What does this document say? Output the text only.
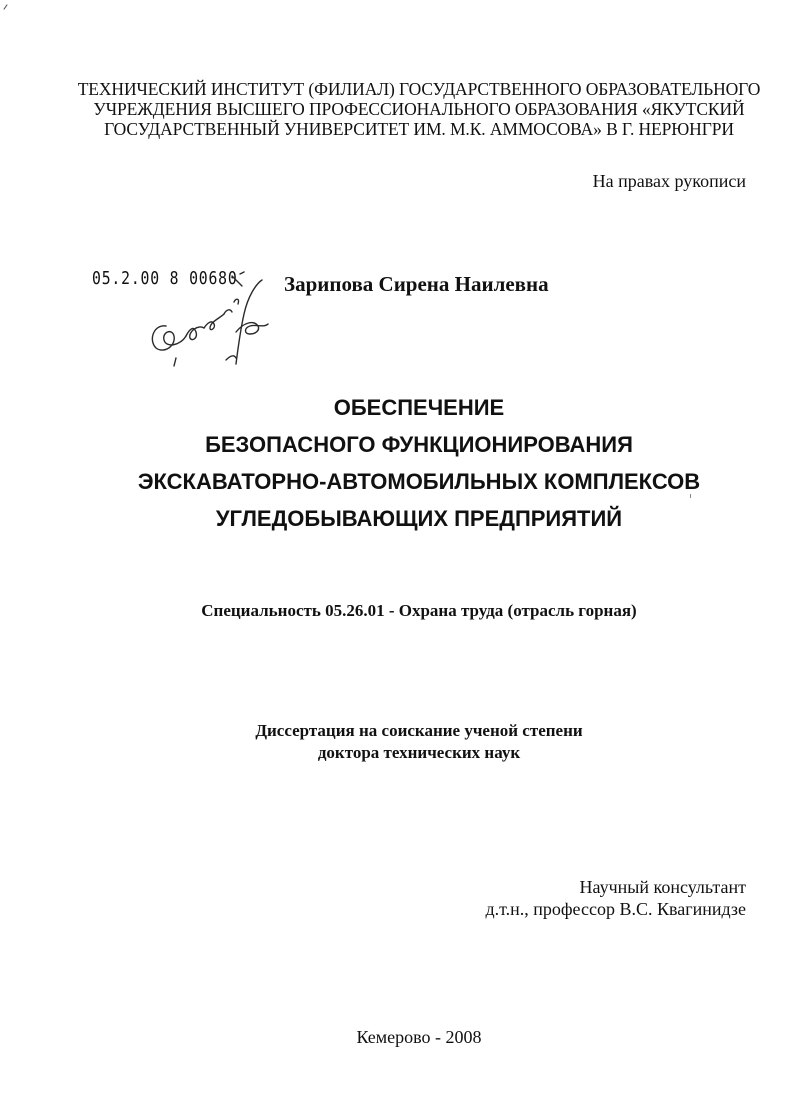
ТЕХНИЧЕСКИЙ ИНСТИТУТ (ФИЛИАЛ) ГОСУДАРСТВЕННОГО ОБРАЗОВАТЕЛЬНОГО
УЧРЕЖДЕНИЯ ВЫСШЕГО ПРОФЕССИОНАЛЬНОГО ОБРАЗОВАНИЯ «ЯКУТСКИЙ
ГОСУДАРСТВЕННЫЙ УНИВЕРСИТЕТ ИМ. М.К. АММОСОВА» В Г. НЕРЮНГРИ
На правах рукописи
05.2.00 8 00680 Зарипова Сирена Наилевна
ОБЕСПЕЧЕНИЕ
БЕЗОПАСНОГО ФУНКЦИОНИРОВАНИЯ
ЭКСКАВАТОРНО-АВТОМОБИЛЬНЫХ КОМПЛЕКСОВ
УГЛЕДОБЫВАЮЩИХ ПРЕДПРИЯТИЙ
Специальность 05.26.01 - Охрана труда (отрасль горная)
Диссертация на соискание ученой степени
доктора технических наук
Научный консультант
д.т.н., профессор В.С. Квагинидзе
Кемерово - 2008
